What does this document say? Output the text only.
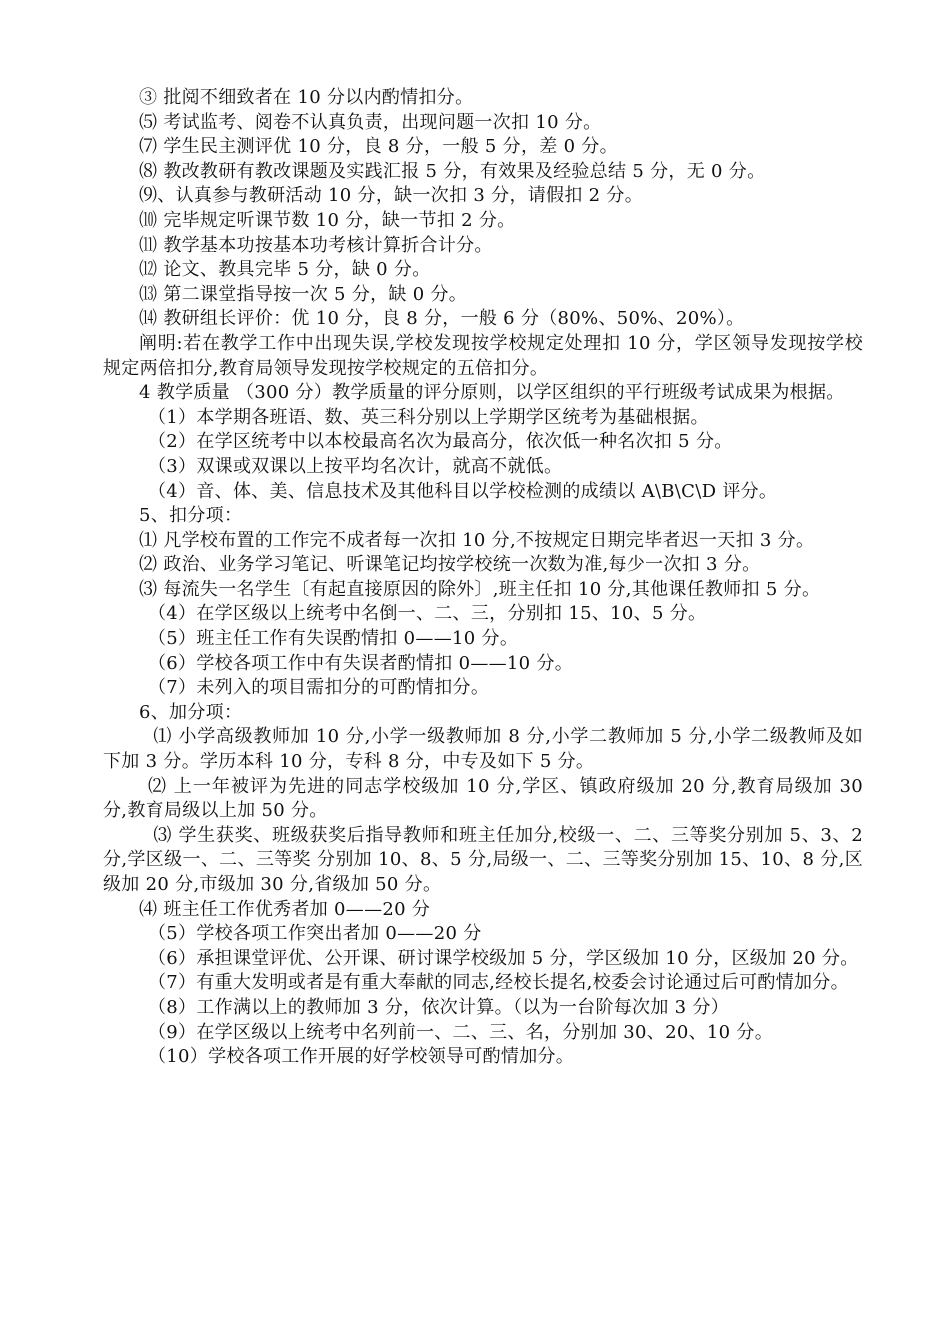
③ 批阅不细致者在 10 分以内酌情扣分。

⑸ 考试监考、阅卷不认真负责，出现问题一次扣 10 分。

⑺ 学生民主测评优 10 分，良 8 分，一般 5 分，差 0 分。

⑻ 教改教研有教改课题及实践汇报 5 分，有效果及经验总结 5 分，无 0 分。

⑼、认真参与教研活动 10 分，缺一次扣 3 分，请假扣 2 分。

⑽ 完毕规定听课节数 10 分，缺一节扣 2 分。

⑾ 教学基本功按基本功考核计算折合计分。

⑿ 论文、教具完毕 5 分，缺 0 分。

⒀ 第二课堂指导按一次 5 分，缺 0 分。

⒁ 教研组长评价：优 10 分，良 8 分，一般 6 分（80%、50%、20%）。

阐明:若在教学工作中出现失误,学校发现按学校规定处理扣 10 分，学区领导发现按学校规定两倍扣分,教育局领导发现按学校规定的五倍扣分。

4 教学质量 （300 分）教学质量的评分原则，以学区组织的平行班级考试成果为根据。

（1）本学期各班语、数、英三科分别以上学期学区统考为基础根据。

（2）在学区统考中以本校最高名次为最高分，依次低一种名次扣 5 分。

（3）双课或双课以上按平均名次计，就高不就低。

（4）音、体、美、信息技术及其他科目以学校检测的成绩以 A\B\C\D 评分。

5、扣分项：

⑴ 凡学校布置的工作完不成者每一次扣 10 分,不按规定日期完毕者迟一天扣 3 分。

⑵ 政治、业务学习笔记、听课笔记均按学校统一次数为准,每少一次扣 3 分。

⑶ 每流失一名学生〔有起直接原因的除外〕,班主任扣 10 分,其他课任教师扣 5 分。

（4）在学区级以上统考中名倒一、二、三，分别扣 15、10、5 分。

（5）班主任工作有失误酌情扣 0——10 分。

（6）学校各项工作中有失误者酌情扣 0——10 分。

（7）未列入的项目需扣分的可酌情扣分。

6、加分项：

⑴ 小学高级教师加 10 分,小学一级教师加 8 分,小学二教师加 5 分,小学二级教师及如下加 3 分。学历本科 10 分，专科 8 分，中专及如下 5 分。

⑵ 上一年被评为先进的同志学校级加 10 分,学区、镇政府级加 20 分,教育局级加 30 分,教育局级以上加 50 分。

⑶ 学生获奖、班级获奖后指导教师和班主任加分,校级一、二、三等奖分别加 5、3、2 分,学区级一、二、三等奖 分别加 10、8、5 分,局级一、二、三等奖分别加 15、10、8 分,区级加 20 分,市级加 30 分,省级加 50 分。

⑷ 班主任工作优秀者加 0——20 分

（5）学校各项工作突出者加 0——20 分

（6）承担课堂评优、公开课、研讨课学校级加 5 分，学区级加 10 分，区级加 20 分。

（7）有重大发明或者是有重大奉献的同志,经校长提名,校委会讨论通过后可酌情加分。

（8）工作满以上的教师加 3 分，依次计算。（以为一台阶每次加 3 分）

（9）在学区级以上统考中名列前一、二、三、名，分别加 30、20、10 分。

（10）学校各项工作开展的好学校领导可酌情加分。
